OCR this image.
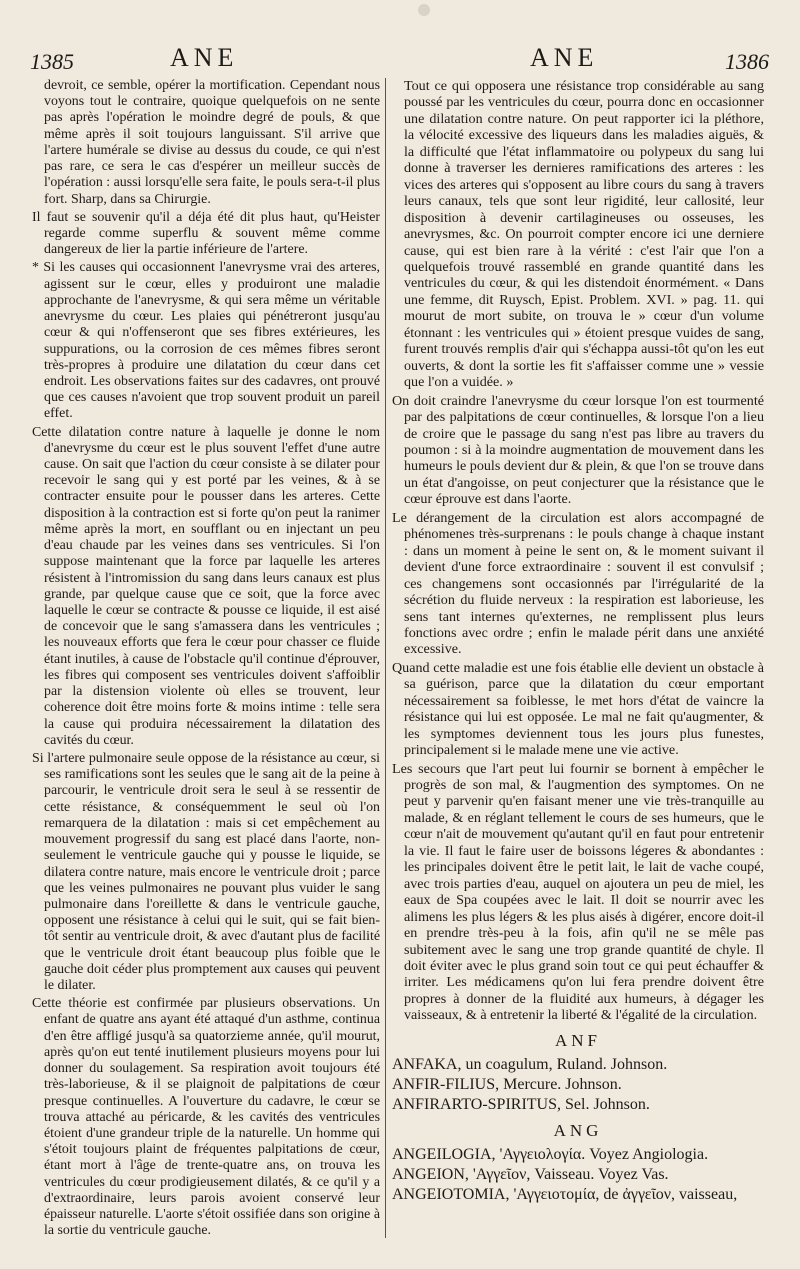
1385	ANE	ANE	1386

devroit, ce semble, opérer la mortification. Cependant nous voyons tout le contraire, quoique quelquefois on ne sente pas après l'opération le moindre degré de pouls, & que même après il soit toujours languissant. S'il arrive que l'artere humérale se divise au dessus du coude, ce qui n'est pas rare, ce sera le cas d'espérer un meilleur succès de l'opération : aussi lorsqu'elle sera faite, le pouls sera-t-il plus fort. Sharp, dans sa Chirurgie.

Il faut se souvenir qu'il a déja été dit plus haut, qu'Heister regarde comme superflu & souvent même comme dangereux de lier la partie inférieure de l'artere.

* Si les causes qui occasionnent l'anevrysme vrai des arteres, agissent sur le cœur, elles y produiront une maladie approchante de l'anevrysme, & qui sera même un véritable anevrysme du cœur. Les plaies qui pénétreront jusqu'au cœur & qui n'offenseront que ses fibres extérieures, les suppurations, ou la corrosion de ces mêmes fibres seront très-propres à produire une dilatation du cœur dans cet endroit. Les observations faites sur des cadavres, ont prouvé que ces causes n'avoient que trop souvent produit un pareil effet.

Cette dilatation contre nature à laquelle je donne le nom d'anevrysme du cœur est le plus souvent l'effet d'une autre cause. On sait que l'action du cœur consiste à se dilater pour recevoir le sang qui y est porté par les veines, & à se contracter ensuite pour le pousser dans les arteres. Cette disposition à la contraction est si forte qu'on peut la ranimer même après la mort, en soufflant ou en injectant un peu d'eau chaude par les veines dans ses ventricules. Si l'on suppose maintenant que la force par laquelle les arteres résistent à l'intromission du sang dans leurs canaux est plus grande, par quelque cause que ce soit, que la force avec laquelle le cœur se contracte & pousse ce liquide, il est aisé de concevoir que le sang s'amassera dans les ventricules ; les nouveaux efforts que fera le cœur pour chasser ce fluide étant inutiles, à cause de l'obstacle qu'il continue d'éprouver, les fibres qui composent ses ventricules doivent s'affoiblir par la distension violente où elles se trouvent, leur coherence doit être moins forte & moins intime : telle sera la cause qui produira nécessairement la dilatation des cavités du cœur.

Si l'artere pulmonaire seule oppose de la résistance au cœur, si ses ramifications sont les seules que le sang ait de la peine à parcourir, le ventricule droit sera le seul à se ressentir de cette résistance, & conséquemment le seul où l'on remarquera de la dilatation : mais si cet empêchement au mouvement progressif du sang est placé dans l'aorte, non-seulement le ventricule gauche qui y pousse le liquide, se dilatera contre nature, mais encore le ventricule droit ; parce que les veines pulmonaires ne pouvant plus vuider le sang pulmonaire dans l'oreillette & dans le ventricule gauche, opposent une résistance à celui qui le suit, qui se fait bien-tôt sentir au ventricule droit, & avec d'autant plus de facilité que le ventricule droit étant beaucoup plus foible que le gauche doit céder plus promptement aux causes qui peuvent le dilater.

Cette théorie est confirmée par plusieurs observations. Un enfant de quatre ans ayant été attaqué d'un asthme, continua d'en être affligé jusqu'à sa quatorzieme année, qu'il mourut, après qu'on eut tenté inutilement plusieurs moyens pour lui donner du soulagement. Sa respiration avoit toujours été très-laborieuse, & il se plaignoit de palpitations de cœur presque continuelles. A l'ouverture du cadavre, le cœur se trouva attaché au péricarde, & les cavités des ventricules étoient d'une grandeur triple de la naturelle. Un homme qui s'étoit toujours plaint de fréquentes palpitations de cœur, étant mort à l'âge de trente-quatre ans, on trouva les ventricules du cœur prodigieusement dilatés, & ce qu'il y a d'extraordinaire, leurs parois avoient conservé leur épaisseur naturelle. L'aorte s'étoit ossifiée dans son origine à la sortie du ventricule gauche.

Tout ce qui opposera une résistance trop considérable au sang poussé par les ventricules du cœur, pourra donc en occasionner une dilatation contre nature. On peut rapporter ici la pléthore, la vélocité excessive des liqueurs dans les maladies aiguës, & la difficulté que l'état inflammatoire ou polypeux du sang lui donne à traverser les dernieres ramifications des arteres : les vices des arteres qui s'opposent au libre cours du sang à travers leurs canaux, tels que sont leur rigidité, leur callosité, leur disposition à devenir cartilagineuses ou osseuses, les anevrysmes, &c. On pourroit compter encore ici une derniere cause, qui est bien rare à la vérité : c'est l'air que l'on a quelquefois trouvé rassemblé en grande quantité dans les ventricules du cœur, & qui les distendoit énormément. « Dans une femme, dit Ruysch, Epist. Problem. XVI. » pag. 11. qui mourut de mort subite, on trouva le » cœur d'un volume étonnant : les ventricules qui » étoient presque vuides de sang, furent trouvés remplis d'air qui s'échappa aussi-tôt qu'on les eut ouverts, & dont la sortie les fit s'affaisser comme une » vessie que l'on a vuidée. »

On doit craindre l'anevrysme du cœur lorsque l'on est tourmenté par des palpitations de cœur continuelles, & lorsque l'on a lieu de croire que le passage du sang n'est pas libre au travers du poumon : si à la moindre augmentation de mouvement dans les humeurs le pouls devient dur & plein, & que l'on se trouve dans un état d'angoisse, on peut conjecturer que la résistance que le cœur éprouve est dans l'aorte.

Le dérangement de la circulation est alors accompagné de phénomenes très-surprenans : le pouls change à chaque instant : dans un moment à peine le sent on, & le moment suivant il devient d'une force extraordinaire : souvent il est convulsif ; ces changemens sont occasionnés par l'irrégularité de la sécrétion du fluide nerveux : la respiration est laborieuse, les sens tant internes qu'externes, ne remplissent plus leurs fonctions avec ordre ; enfin le malade périt dans une anxiété excessive.

Quand cette maladie est une fois établie elle devient un obstacle à sa guérison, parce que la dilatation du cœur emportant nécessairement sa foiblesse, le met hors d'état de vaincre la résistance qui lui est opposée. Le mal ne fait qu'augmenter, & les symptomes deviennent tous les jours plus funestes, principalement si le malade mene une vie active.

Les secours que l'art peut lui fournir se bornent à empêcher le progrès de son mal, & l'augmention des symptomes. On ne peut y parvenir qu'en faisant mener une vie très-tranquille au malade, & en réglant tellement le cours de ses humeurs, que le cœur n'ait de mouvement qu'autant qu'il en faut pour entretenir la vie. Il faut le faire user de boissons légeres & abondantes : les principales doivent être le petit lait, le lait de vache coupé, avec trois parties d'eau, auquel on ajoutera un peu de miel, les eaux de Spa coupées avec le lait. Il doit se nourrir avec les alimens les plus légers & les plus aisés à digérer, encore doit-il en prendre très-peu à la fois, afin qu'il ne se mêle pas subitement avec le sang une trop grande quantité de chyle. Il doit éviter avec le plus grand soin tout ce qui peut échauffer & irriter. Les médicamens qu'on lui fera prendre doivent être propres à donner de la fluidité aux humeurs, à dégager les vaisseaux, & à entretenir la liberté & l'égalité de la circulation.

ANF

ANFAKA, un coagulum, Ruland. Johnson.

ANFIR-FILIUS, Mercure. Johnson.

ANFIRARTO-SPIRITUS, Sel. Johnson.

ANG

ANGEILOGIA, 'Αγγειολογία. Voyez Angiologia.

ANGEION, 'Αγγεῖον, Vaisseau. Voyez Vas.

ANGEIOTOMIA, 'Αγγειοτομία, de ἀγγεῖον, vaisseau,
